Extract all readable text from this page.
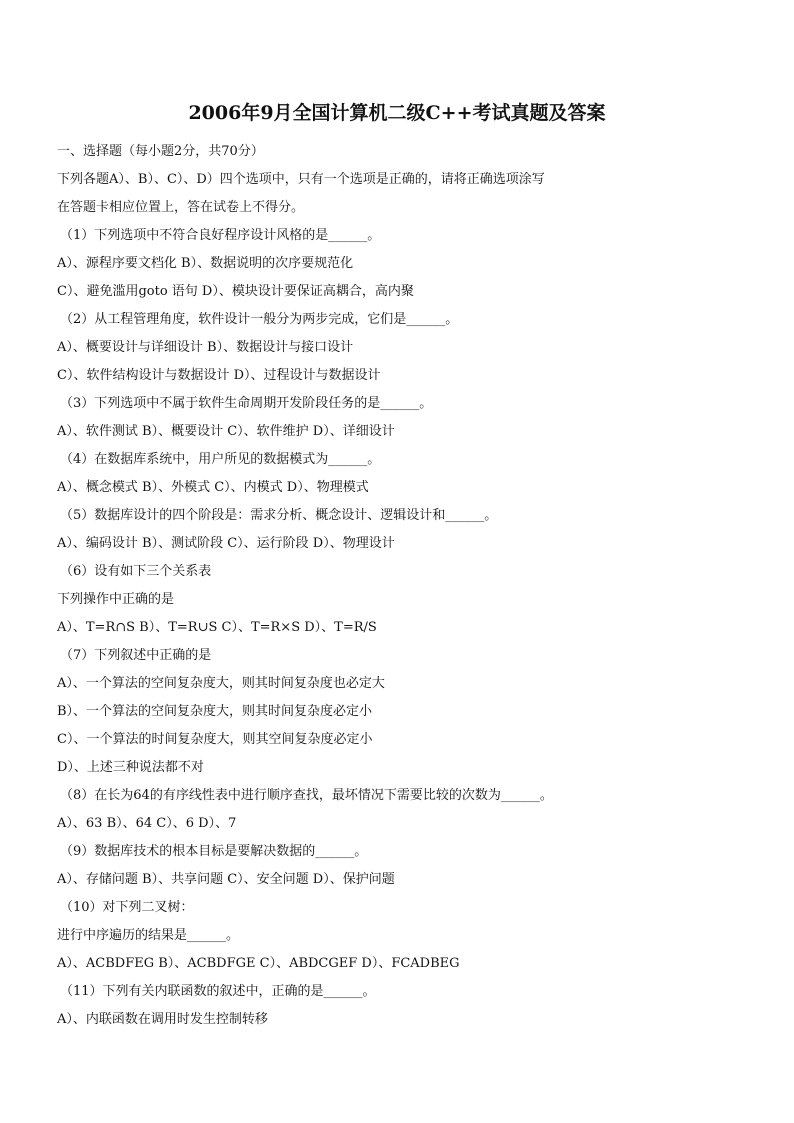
2006年9月全国计算机二级C++考试真题及答案
一、选择题（每小题2分，共70分）
下列各题A）、B）、C）、D）四个选项中，只有一个选项是正确的，请将正确选项涂写
在答题卡相应位置上，答在试卷上不得分。
（1）下列选项中不符合良好程序设计风格的是______。
A）、源程序要文档化 B）、数据说明的次序要规范化
C）、避免滥用goto 语句 D）、模块设计要保证高耦合，高内聚
（2）从工程管理角度，软件设计一般分为两步完成，它们是______。
A）、概要设计与详细设计 B）、数据设计与接口设计
C）、软件结构设计与数据设计 D）、过程设计与数据设计
（3）下列选项中不属于软件生命周期开发阶段任务的是______。
A）、软件测试 B）、概要设计 C）、软件维护 D）、详细设计
（4）在数据库系统中，用户所见的数据模式为______。
A）、概念模式 B）、外模式 C）、内模式 D）、物理模式
（5）数据库设计的四个阶段是：需求分析、概念设计、逻辑设计和______。
A）、编码设计 B）、测试阶段 C）、运行阶段 D）、物理设计
（6）设有如下三个关系表
下列操作中正确的是
A）、T=R∩S B）、T=R∪S C）、T=R×S D）、T=R/S
（7）下列叙述中正确的是
A）、一个算法的空间复杂度大，则其时间复杂度也必定大
B）、一个算法的空间复杂度大，则其时间复杂度必定小
C）、一个算法的时间复杂度大，则其空间复杂度必定小
D）、上述三种说法都不对
（8）在长为64的有序线性表中进行顺序查找，最坏情况下需要比较的次数为______。
A）、63 B）、64 C）、6 D）、7
（9）数据库技术的根本目标是要解决数据的______。
A）、存储问题 B）、共享问题 C）、安全问题 D）、保护问题
（10）对下列二叉树：
进行中序遍历的结果是______。
A）、ACBDFEG B）、ACBDFGE C）、ABDCGEF D）、FCADBEG
（11）下列有关内联函数的叙述中，正确的是______。
A）、内联函数在调用时发生控制转移
